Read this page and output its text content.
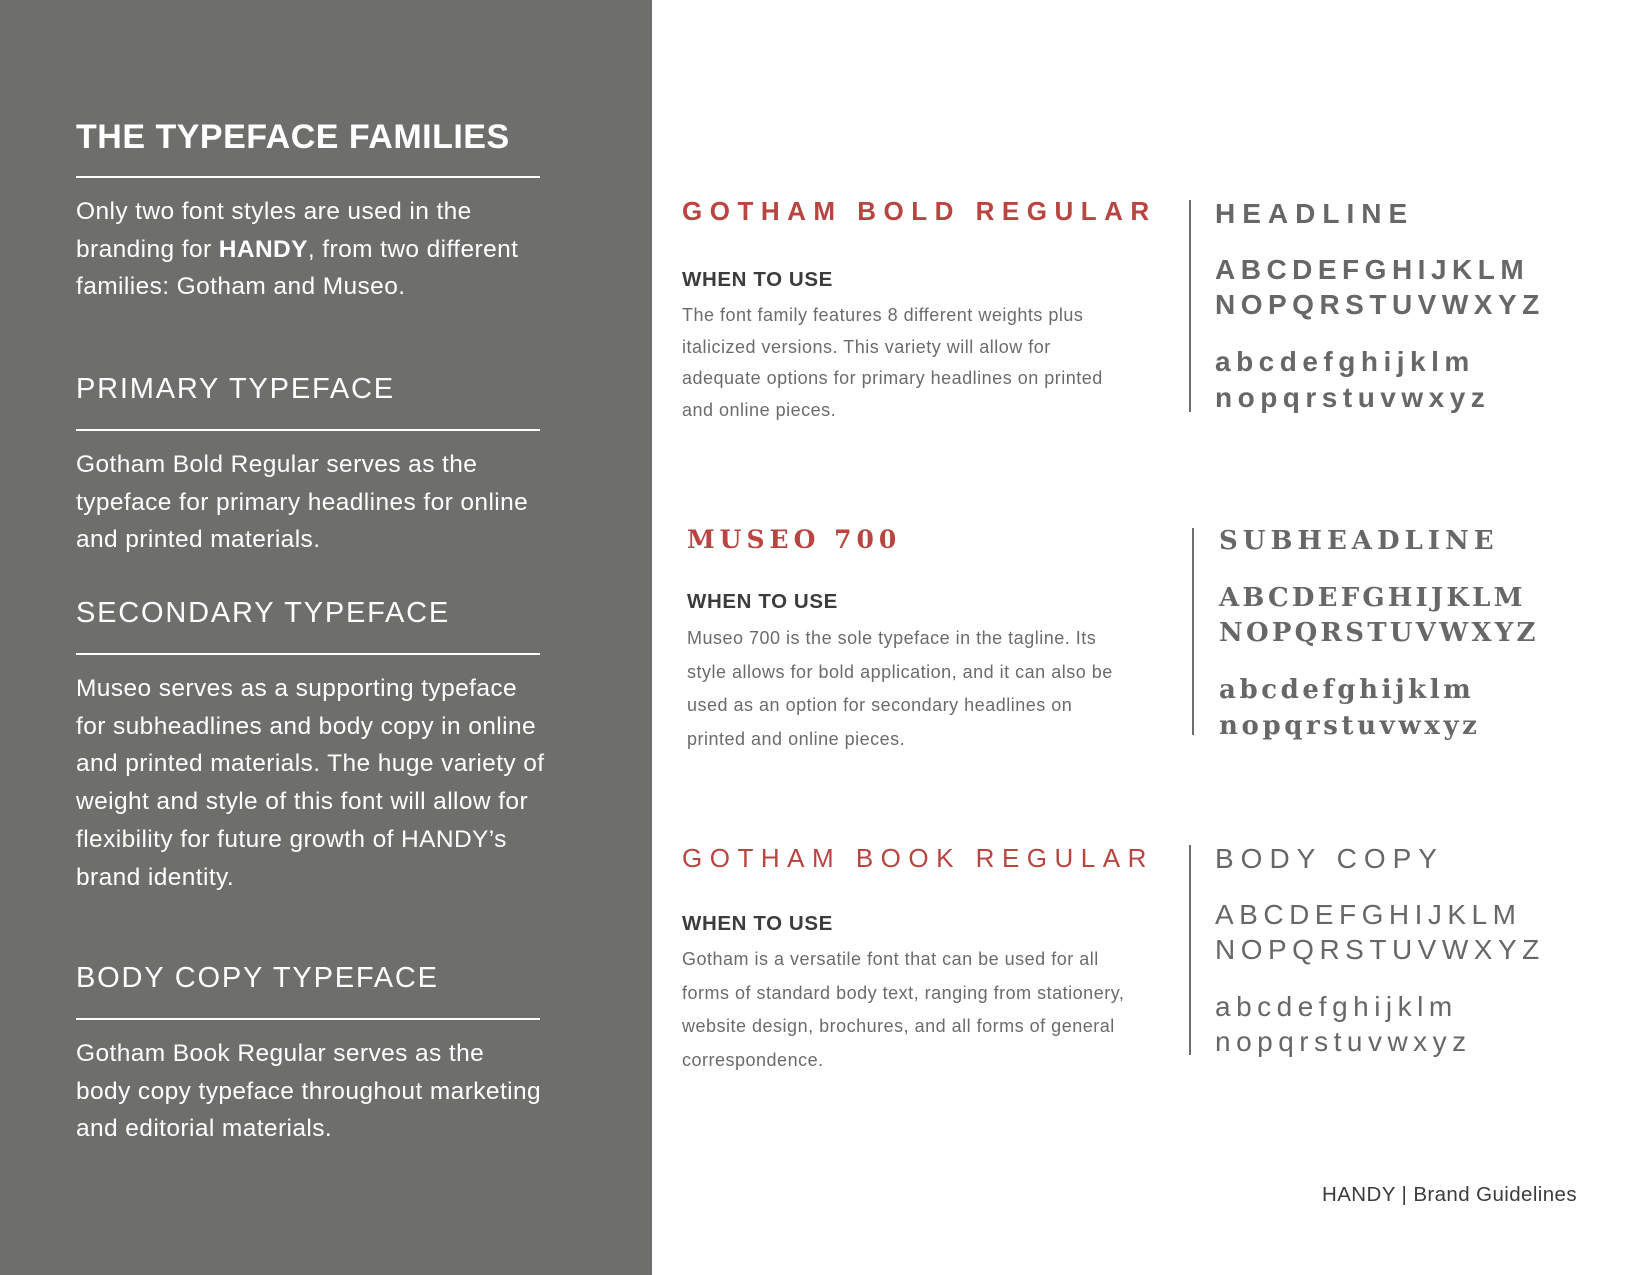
THE TYPEFACE FAMILIES

Only two font styles are used in the branding for HANDY, from two different families: Gotham and Museo.

PRIMARY TYPEFACE

Gotham Bold Regular serves as the typeface for primary headlines for online and printed materials.

SECONDARY TYPEFACE

Museo serves as a supporting typeface for subheadlines and body copy in online and printed materials. The huge variety of weight and style of this font will allow for flexibility for future growth of HANDY’s brand identity.

BODY COPY TYPEFACE

Gotham Book Regular serves as the body copy typeface throughout marketing and editorial materials.

GOTHAM BOLD REGULAR
WHEN TO USE

The font family features 8 different weights plus italicized versions. This variety will allow for adequate options for primary headlines on printed and online pieces.

HEADLINE
ABCDEFGHIJKLM
NOPQRSTUVWXYZ
abcdefghijklm
nopqrstuvwxyz
MUSEO 700
WHEN TO USE

Museo 700 is the sole typeface in the tagline. Its style allows for bold application, and it can also be used as an option for secondary headlines on printed and online pieces.

SUBHEADLINE
ABCDEFGHIJKLM
NOPQRSTUVWXYZ
abcdefghijklm
nopqrstuvwxyz
GOTHAM BOOK REGULAR
WHEN TO USE

Gotham is a versatile font that can be used for all forms of standard body text, ranging from stationery, website design, brochures, and all forms of general correspondence.

BODY COPY
ABCDEFGHIJKLM
NOPQRSTUVWXYZ
abcdefghijklm
nopqrstuvwxyz
HANDY | Brand Guidelines
